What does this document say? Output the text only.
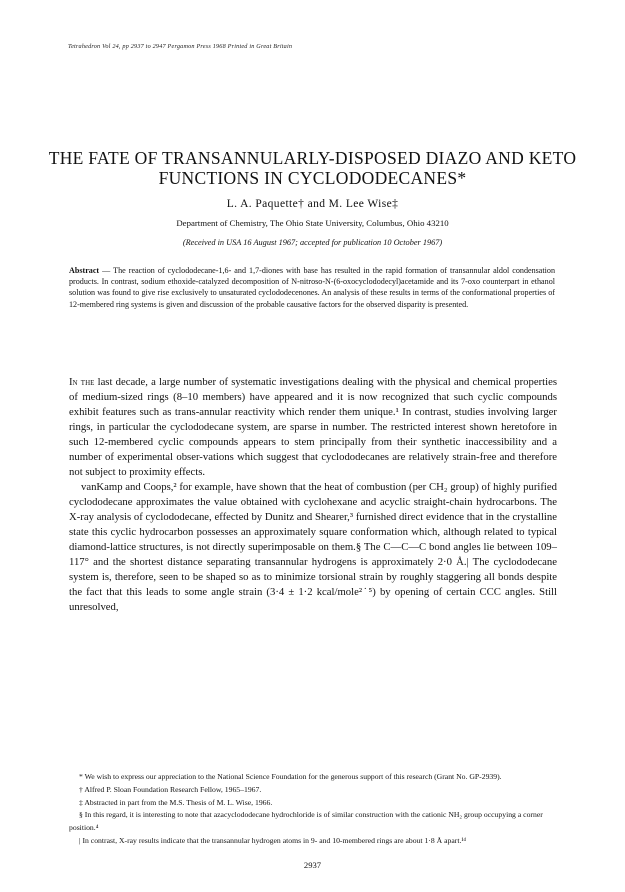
Tetrahedron Vol 24, pp 2937 to 2947 Pergamon Press 1968 Printed in Great Britain
THE FATE OF TRANSANNULARLY-DISPOSED DIAZO AND KETO FUNCTIONS IN CYCLODODECANES*
L. A. Paquette† and M. Lee Wise‡
Department of Chemistry, The Ohio State University, Columbus, Ohio 43210
(Received in USA 16 August 1967; accepted for publication 10 October 1967)
Abstract — The reaction of cyclododecane-1,6- and 1,7-diones with base has resulted in the rapid formation of transannular aldol condensation products. In contrast, sodium ethoxide-catalyzed decomposition of N-nitroso-N-(6-oxocyclododecyl)acetamide and its 7-oxo counterpart in ethanol solution was found to give rise exclusively to unsaturated cyclododecenones. An analysis of these results in terms of the conformational properties of 12-membered ring systems is given and discussion of the probable causative factors for the observed disparity is presented.

In the last decade, a large number of systematic investigations dealing with the physical and chemical properties of medium-sized rings (8–10 members) have appeared and it is now recognized that such cyclic compounds exhibit features such as trans-annular reactivity which render them unique.¹ In contrast, studies involving larger rings, in particular the cyclododecane system, are sparse in number. The restricted interest shown heretofore in such 12-membered cyclic compounds appears to stem principally from their synthetic inaccessibility and a number of experimental obser-vations which suggest that cyclododecanes are relatively strain-free and therefore not subject to proximity effects.

vanKamp and Coops,² for example, have shown that the heat of combustion (per CH₂ group) of highly purified cyclododecane approximates the value obtained with cyclohexane and acyclic straight-chain hydrocarbons. The X-ray analysis of cyclododecane, effected by Dunitz and Shearer,³ furnished direct evidence that in the crystalline state this cyclic hydrocarbon possesses an approximately square conformation which, although related to typical diamond-lattice structures, is not directly superimposable on them.§ The C—C—C bond angles lie between 109–117° and the shortest distance separating transannular hydrogens is approximately 2·0 Å.| The cyclododecane system is, therefore, seen to be shaped so as to minimize torsional strain by roughly staggering all bonds despite the fact that this leads to some angle strain (3·4 ± 1·2 kcal/mole²˙⁵) by opening of certain CCC angles. Still unresolved,

* We wish to express our appreciation to the National Science Foundation for the generous support of this research (Grant No. GP-2939).
† Alfred P. Sloan Foundation Research Fellow, 1965–1967.
‡ Abstracted in part from the M.S. Thesis of M. L. Wise, 1966.
§ In this regard, it is interesting to note that azacyclododecane hydrochloride is of similar construction with the cationic NH₂ group occupying a corner position.⁴
| In contrast, X-ray results indicate that the transannular hydrogen atoms in 9- and 10-membered rings are about 1·8 Å apart.¹ᵈ
2937
